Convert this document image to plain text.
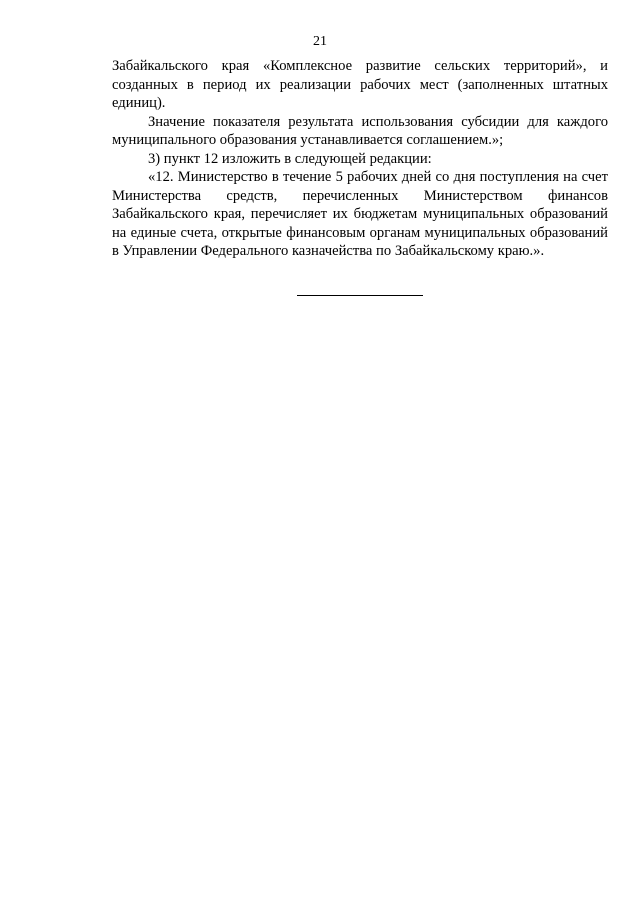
21

Забайкальского края «Комплексное развитие сельских территорий», и созданных в период их реализации рабочих мест (заполненных штатных единиц).

Значение показателя результата использования субсидии для каждого муниципального образования устанавливается соглашением.»;

3) пункт 12 изложить в следующей редакции:

«12. Министерство в течение 5 рабочих дней со дня поступления на счет Министерства средств, перечисленных Министерством финансов Забайкальского края, перечисляет их бюджетам муниципальных образований на единые счета, открытые финансовым органам муниципальных образований в Управлении Федерального казначейства по Забайкальскому краю.».
